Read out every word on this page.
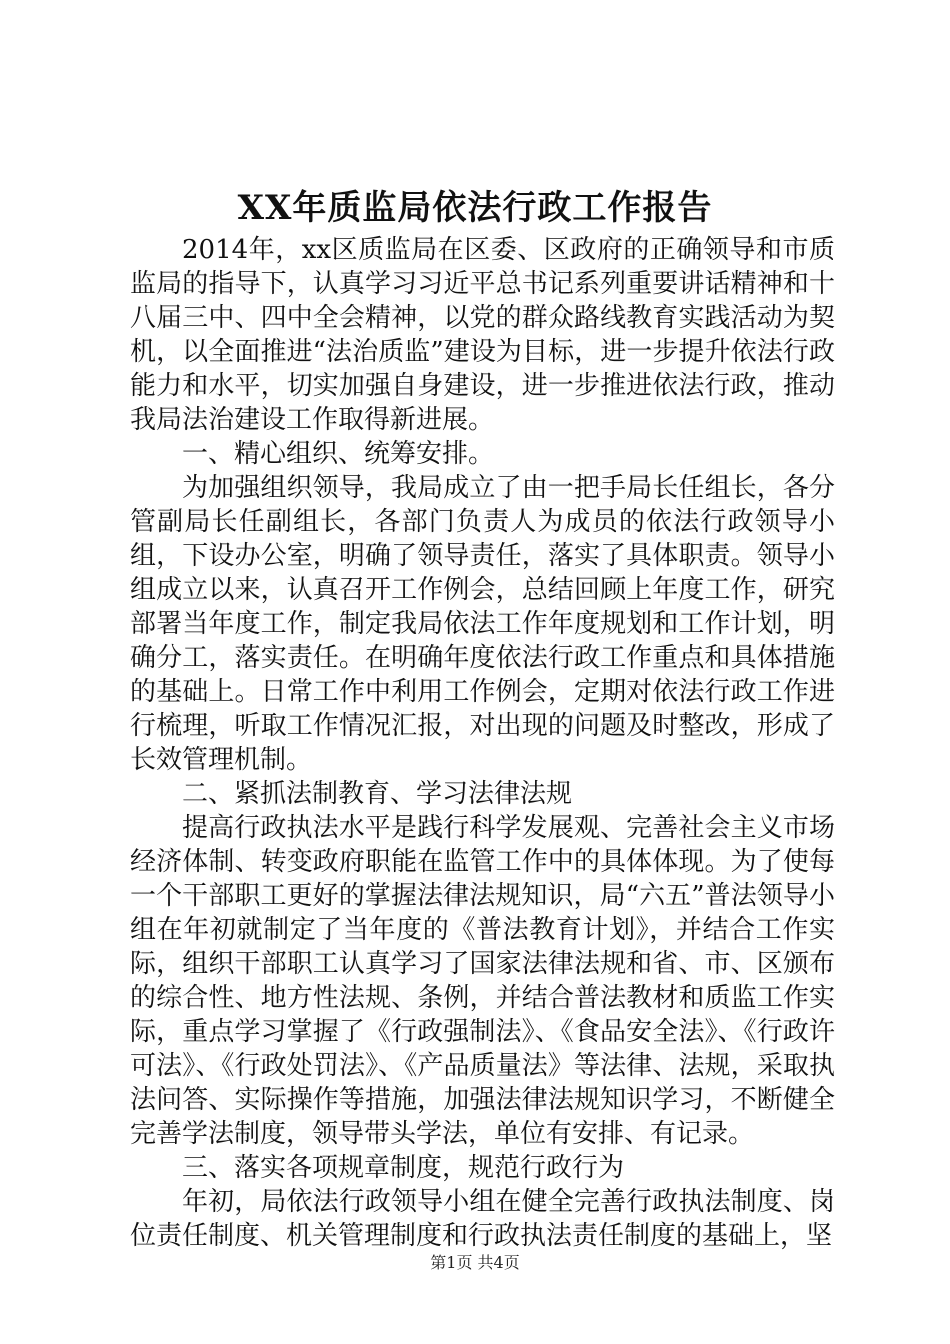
XX年质监局依法行政工作报告

2014年，xx区质监局在区委、区政府的正确领导和市质监局的指导下，认真学习习近平总书记系列重要讲话精神和十八届三中、四中全会精神，以党的群众路线教育实践活动为契机，以全面推进“法治质监”建设为目标，进一步提升依法行政能力和水平，切实加强自身建设，进一步推进依法行政，推动我局法治建设工作取得新进展。

一、精心组织、统筹安排。

为加强组织领导，我局成立了由一把手局长任组长，各分管副局长任副组长，各部门负责人为成员的依法行政领导小组，下设办公室，明确了领导责任，落实了具体职责。领导小组成立以来，认真召开工作例会，总结回顾上年度工作，研究部署当年度工作，制定我局依法工作年度规划和工作计划，明确分工，落实责任。在明确年度依法行政工作重点和具体措施的基础上。日常工作中利用工作例会，定期对依法行政工作进行梳理，听取工作情况汇报，对出现的问题及时整改，形成了长效管理机制。

二、紧抓法制教育、学习法律法规

提高行政执法水平是践行科学发展观、完善社会主义市场经济体制、转变政府职能在监管工作中的具体体现。为了使每一个干部职工更好的掌握法律法规知识，局“六五”普法领导小组在年初就制定了当年度的《普法教育计划》，并结合工作实际，组织干部职工认真学习了国家法律法规和省、市、区颁布的综合性、地方性法规、条例，并结合普法教材和质监工作实际，重点学习掌握了《行政强制法》、《食品安全法》、《行政许可法》、《行政处罚法》、《产品质量法》等法律、法规，采取执法问答、实际操作等措施，加强法律法规知识学习，不断健全完善学法制度，领导带头学法，单位有安排、有记录。

三、落实各项规章制度，规范行政行为

年初，局依法行政领导小组在健全完善行政执法制度、岗位责任制度、机关管理制度和行政执法责任制度的基础上，坚

第1页 共4页
